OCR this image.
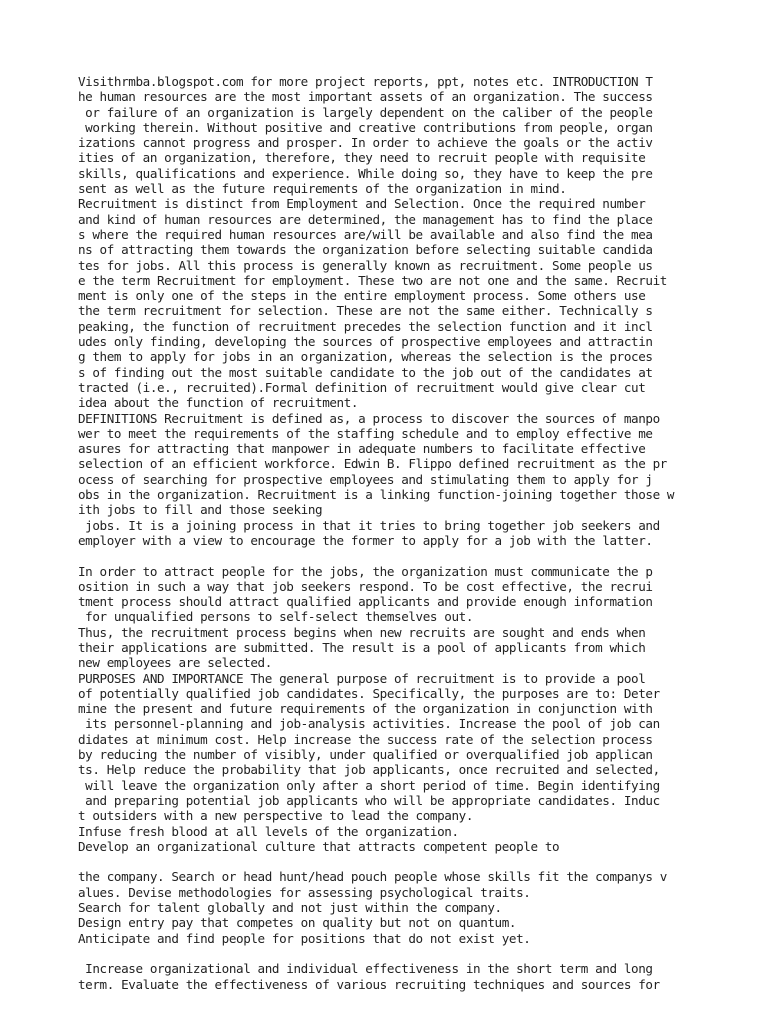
Visithrmba.blogspot.com for more project reports, ppt, notes etc. INTRODUCTION T
he human resources are the most important assets of an organization. The success
or failure of an organization is largely dependent on the caliber of the people
working therein. Without positive and creative contributions from people, organ
izations cannot progress and prosper. In order to achieve the goals or the activ
ities of an organization, therefore, they need to recruit people with requisite
skills, qualifications and experience. While doing so, they have to keep the pre
sent as well as the future requirements of the organization in mind.
Recruitment is distinct from Employment and Selection. Once the required number
and kind of human resources are determined, the management has to find the place
s where the required human resources are/will be available and also find the mea
ns of attracting them towards the organization before selecting suitable candida
tes for jobs. All this process is generally known as recruitment. Some people us
e the term Recruitment for employment. These two are not one and the same. Recruit
ment is only one of the steps in the entire employment process. Some others use
the term recruitment for selection. These are not the same either. Technically s
peaking, the function of recruitment precedes the selection function and it incl
udes only finding, developing the sources of prospective employees and attractin
g them to apply for jobs in an organization, whereas the selection is the proces
s of finding out the most suitable candidate to the job out of the candidates at
tracted (i.e., recruited).Formal definition of recruitment would give clear cut
idea about the function of recruitment.
DEFINITIONS Recruitment is defined as, a process to discover the sources of manpo
wer to meet the requirements of the staffing schedule and to employ effective me
asures for attracting that manpower in adequate numbers to facilitate effective
selection of an efficient workforce. Edwin B. Flippo defined recruitment as the pr
ocess of searching for prospective employees and stimulating them to apply for j
obs in the organization. Recruitment is a linking function-joining together those w
ith jobs to fill and those seeking
jobs. It is a joining process in that it tries to bring together job seekers and
employer with a view to encourage the former to apply for a job with the latter.
In order to attract people for the jobs, the organization must communicate the p
osition in such a way that job seekers respond. To be cost effective, the recrui
tment process should attract qualified applicants and provide enough information
for unqualified persons to self-select themselves out.
Thus, the recruitment process begins when new recruits are sought and ends when
their applications are submitted. The result is a pool of applicants from which
new employees are selected.
PURPOSES AND IMPORTANCE The general purpose of recruitment is to provide a pool
of potentially qualified job candidates. Specifically, the purposes are to: Deter
mine the present and future requirements of the organization in conjunction with
its personnel-planning and job-analysis activities. Increase the pool of job can
didates at minimum cost. Help increase the success rate of the selection process
by reducing the number of visibly, under qualified or overqualified job applican
ts. Help reduce the probability that job applicants, once recruited and selected,
will leave the organization only after a short period of time. Begin identifying
and preparing potential job applicants who will be appropriate candidates. Induc
t outsiders with a new perspective to lead the company.
Infuse fresh blood at all levels of the organization.
Develop an organizational culture that attracts competent people to
the company. Search or head hunt/head pouch people whose skills fit the companys v
alues. Devise methodologies for assessing psychological traits.
Search for talent globally and not just within the company.
Design entry pay that competes on quality but not on quantum.
Anticipate and find people for positions that do not exist yet.
Increase organizational and individual effectiveness in the short term and long
term. Evaluate the effectiveness of various recruiting techniques and sources for
